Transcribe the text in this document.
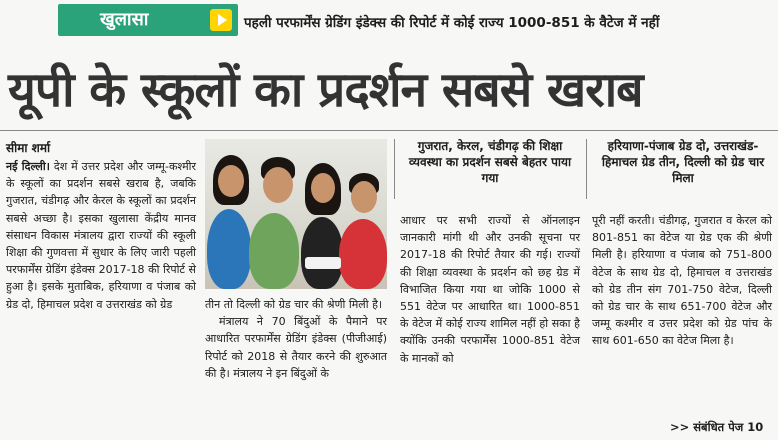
खुलासा	पहली परफार्मेंस ग्रेडिंग इंडेक्स की रिपोर्ट में कोई राज्य 1000-851 के वैटेज में नहीं
यूपी के स्कूलों का प्रदर्शन सबसे खराब
सीमा शर्मा
नई दिल्ली। देश में उत्तर प्रदेश और जम्मू-कश्मीर के स्कूलों का प्रदर्शन सबसे खराब है, जबकि गुजरात, चंडीगढ़ और केरल के स्कूलों का प्रदर्शन सबसे अच्छा है। इसका खुलासा केंद्रीय मानव संसाधन विकास मंत्रालय द्वारा राज्यों की स्कूली शिक्षा की गुणवत्ता में सुधार के लिए जारी पहली परफार्मेंस ग्रेडिंग इंडेक्स 2017-18 की रिपोर्ट से हुआ है। इसके मुताबिक, हरियाणा व पंजाब को ग्रेड दो, हिमाचल प्रदेश व उत्तराखंड को ग्रेड	तीन तो दिल्ली को ग्रेड चार की श्रेणी मिली है।
मंत्रालय ने 70 बिंदुओं के पैमाने पर आधारित परफार्मेंस ग्रेडिंग इंडेक्स (पीजीआई) रिपोर्ट को 2018 से तैयार करने की शुरुआत की है। मंत्रालय ने इन बिंदुओं के
गुजरात, केरल, चंडीगढ़ की शिक्षा व्यवस्था का प्रदर्शन सबसे बेहतर पाया गया
हरियाणा-पंजाब ग्रेड दो, उत्तराखंड-हिमाचल ग्रेड तीन, दिल्ली को ग्रेड चार मिला
आधार पर सभी राज्यों से ऑनलाइन जानकारी मांगी थी और उनकी सूचना पर 2017-18 की रिपोर्ट तैयार की गई। राज्यों की शिक्षा व्यवस्था के प्रदर्शन को छह ग्रेड में विभाजित किया गया था जोकि 1000 से 551 वेटेज पर आधारित था। 1000-851 के वेटेज में कोई राज्य शामिल नहीं हो सका है क्योंकि उनकी परफार्मेंस 1000-851 वेटेज के मानकों को
पूरी नहीं करती। चंडीगढ़, गुजरात व केरल को 801-851 का वेटेज या ग्रेड एक की श्रेणी मिली है। हरियाणा व पंजाब को 751-800 वेटेज के साथ ग्रेड दो, हिमाचल व उत्तराखंड को ग्रेड तीन संग 701-750 वेटेज, दिल्ली को ग्रेड चार के साथ 651-700 वेटेज और जम्मू कश्मीर व उत्तर प्रदेश को ग्रेड पांच के साथ 601-650 का वेटेज मिला है।
>> संबंधित पेज 10
